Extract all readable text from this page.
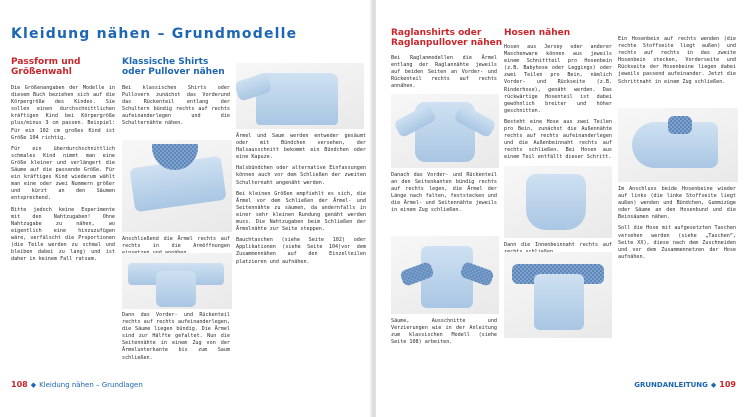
Kleidung nähen – Grundmodelle
Passform und
Größenwahl

Die Größenangaben der Modelle in diesem Buch beziehen sich auf die Körpergröße des Kindes. Sie sollen einen durchschnittlichen kräftigen Kind bei Körpergröße plus/minus 3 cm passen. Beispiel: Für ein 102 cm großes Kind ist Größe 104 richtig.

Für ein überdurchschnittlich schmales Kind nimmt man eine Größe kleiner und verlängert die Säume auf die passende Größe. Für ein kräftiges Kind wiederum wählt man eine oder zwei Nummern größer und kürzt an den Säumen entsprechend.

Bitte jedoch keine Experimente mit den Nahtzugaben! Ohne Nahtzugabe zu nähen, wo eigentlich eine hinzuzufügen wäre, verfälscht die Proportionen (die Teile werden zu schmal und bleiben dabei zu lang) und ist daher in keinem Fall ratsam.

Klassische Shirts
oder Pullover nähen
Bei klassischen Shirts oder Pullovern zunächst das Vorderund das Rückenteil entlang der Schultern bündig rechts auf rechts aufeinanderlegen und die Schulternähte nähen.
Anschließend die Ärmel rechts auf rechts in die Armöffnungen
Dann das Vorder- und Rückenteil rechts auf rechts aufeinanderlegen, die Säume liegen bündig. Die Ärmel sind zur Hälfte gefaltet. Nun die Seitennähte in einem Zug von der Ärmelunterkante bis zum Saum schließen.

Ärmel und Saum werden entweder gesäumt oder mit Bündchen versehen, der Halsausschnitt bekommt ein Bündchen oder eine Kapuze.

Halsbündchen oder alternative Einfassungen können auch vor dem Schließen der zweiten Schulternaht angenäht werden.

Bei kleinen Größen empfiehlt es sich, die Ärmel vor dem Schließen der Ärmel- und Seitennähte zu säumen, da andernfalls in einer sehr kleinen Rundung genäht werden muss. Die Nahtzugaben beim Schließen der Ärmelnähte zur Seite steppen.

Bauchtaschen (siehe Seite 102) oder Applikationen (siehe Seite 104)vor dem Zusammennähen auf den Einzelteilen platzieren und aufnähen.

108 ◆ Kleidung nähen – Grundlagen
Raglanshirts oder
Raglanpullover nähen
Bei Raglanmodellen die Ärmel entlang der Raglannähte jeweils auf beiden Seiten an Vorder- und Rückenteil rechts auf rechts annähen.
Danach das Vorder- und Rückenteil an den Seitenkanten bündig rechts auf rechts legen, die Ärmel der Länge nach falten, feststecken und die Ärmel- und Seitennähte jeweils in einem Zug schließen.
Säume, Ausschnitte und Verzierungen wie in der Anleitung zum klassischen Modell (siehe Seite 108) arbeiten.
Hosen nähen

Hosen aus Jersey oder anderer Maschenware können aus jeweils einem Schnittteil pro Hosenbein (z.B. Babyhose oder Leggings) oder zwei Teilen pro Bein, nämlich Vorder- und Rückseite (z.B. Rinderhose), genäht werden. Das rückwärtige Hosenteil ist dabei gewöhnlich breiter und höher geschnitten.

Besteht eine Hose aus zwei Teilen pro Bein, zunächst die Außennähte rechts auf rechts aufeinanderlegen und die Außenbeinnaht rechts auf rechts schließen. Bei Hosen aus einem Teil entfällt dieser Schritt.

Dann die Innenbeinnaht rechts auf
Ein Hosenbein auf rechts wenden (die rechte Stoffseite liegt außen) und rechts auf rechts in das zweite Hosenbein stecken, Vorderseite und Rückseite der Hosenbeine liegen dabei jeweils passend aufeinander. Jetzt die Schrittnaht in einem Zug schließen.

Im Anschluss beide Hosenbeine wieder auf links (die linke Stoffseite liegt außen) wenden und Bündchen, Gummizüge oder Säume an den Hosenbund und die Beinsäumen nähen.

Soll die Hose mit aufgesetzten Taschen versehen werden (siehe „Taschen“, Seite XX), diese nach dem Zuschneiden und vor dem Zusammennetzen der Hose aufnähen.

GRUNDANLEITUNG ◆ 109
